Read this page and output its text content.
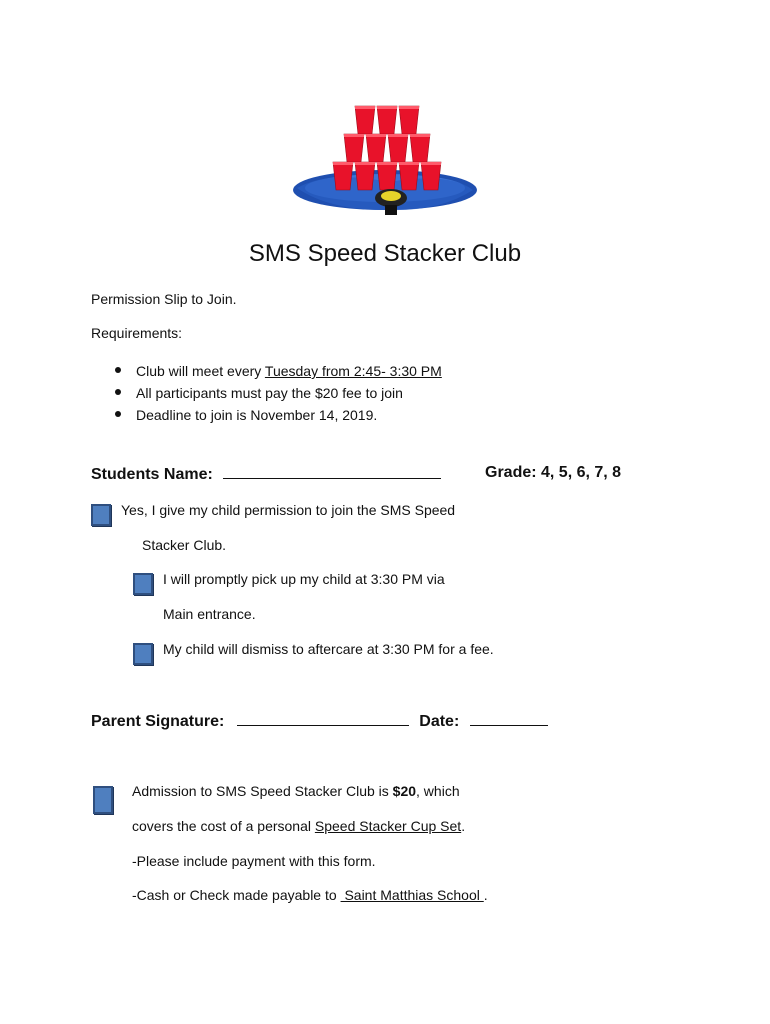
SMS Speed Stacker Club
Permission Slip to Join.
Requirements:
Club will meet every Tuesday from 2:45- 3:30 PM
All participants must pay the $20 fee to join
Deadline to join is November 14, 2019.
Students Name:	Grade: 4, 5, 6, 7, 8
Yes, I give my child permission to join the SMS Speed
Stacker Club.
I will promptly pick up my child at 3:30 PM via
Main entrance.
My child will dismiss to aftercare at 3:30 PM for a fee.
Parent Signature:	Date:
Admission to SMS Speed Stacker Club is $20, which
covers the cost of a personal Speed Stacker Cup Set.
-Please include payment with this form.
-Cash or Check made payable to  Saint Matthias School .
